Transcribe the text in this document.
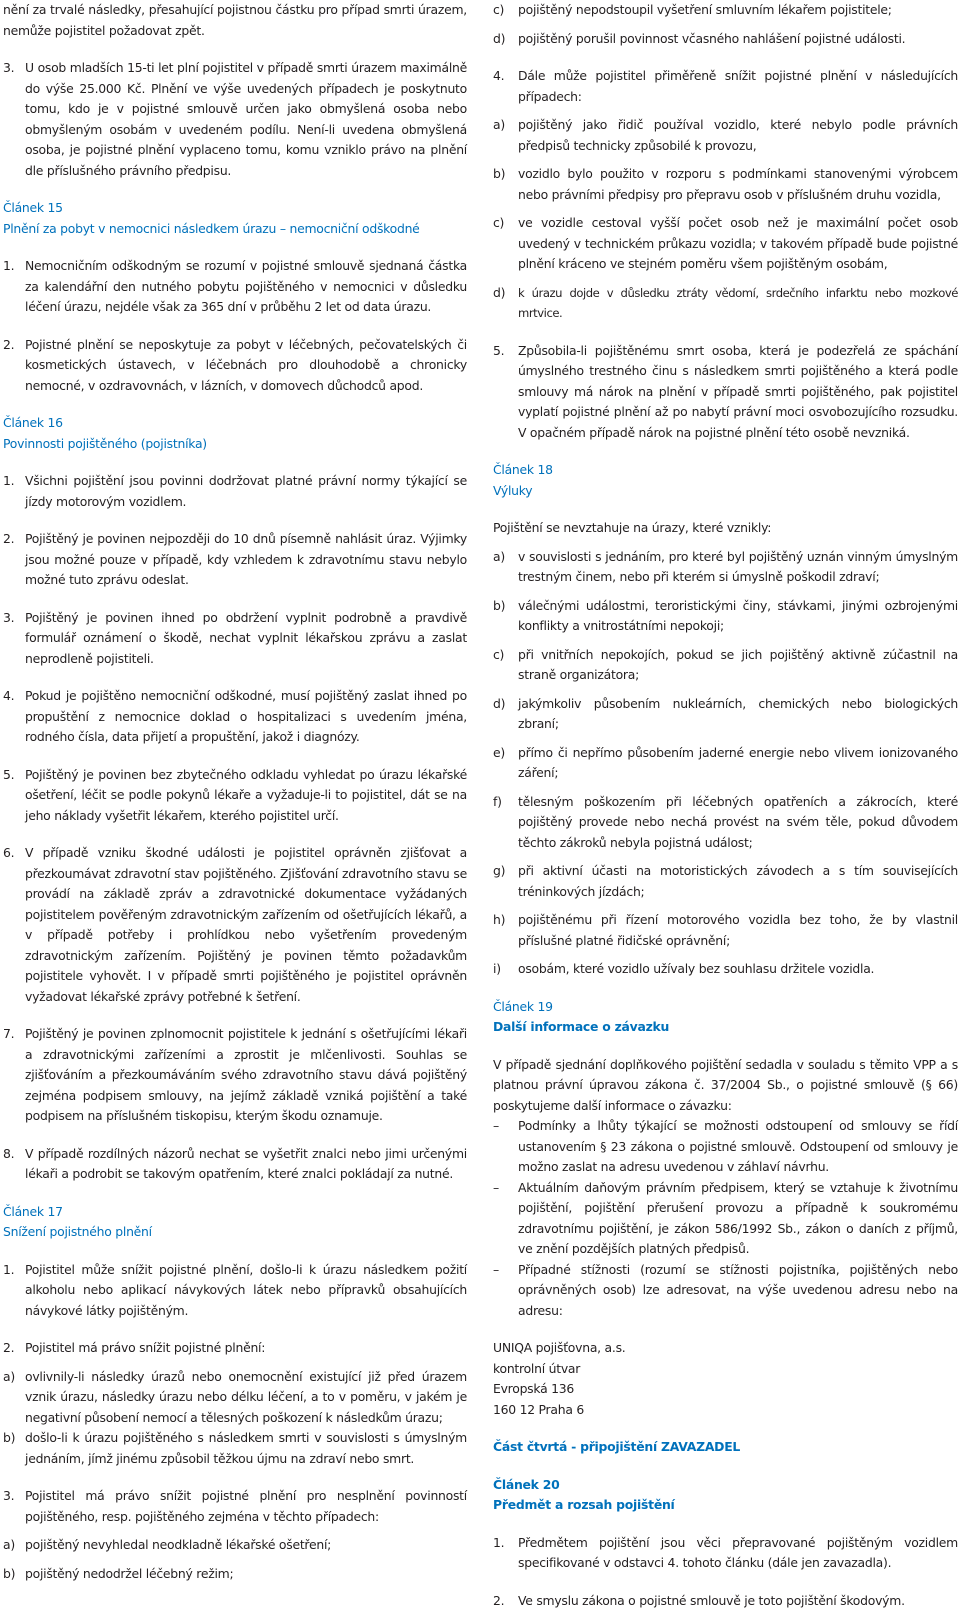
nění za trvalé následky, přesahující pojistnou částku pro případ smrti úrazem, nemůže pojistitel požadovat zpět.

3. U osob mladších 15-ti let plní pojistitel v případě smrti úrazem maximálně do výše 25.000 Kč. Plnění ve výše uvedených případech je poskytnuto tomu, kdo je v pojistné smlouvě určen jako obmyšlená osoba nebo obmyšleným osobám v uvedeném podílu. Není-li uvedena obmyšlená osoba, je pojistné plnění vyplaceno tomu, komu vzniklo právo na plnění dle příslušného právního předpisu.

Článek 15

Plnění za pobyt v nemocnici následkem úrazu – nemocniční odškodné

1. Nemocničním odškodným se rozumí v pojistné smlouvě sjednaná částka za kalendářní den nutného pobytu pojištěného v nemocnici v důsledku léčení úrazu, nejdéle však za 365 dní v průběhu 2 let od data úrazu.
2. Pojistné plnění se neposkytuje za pobyt v léčebných, pečovatelských či kosmetických ústavech, v léčebnách pro dlouhodobě a chronicky nemocné, v ozdravovnách, v lázních, v domovech důchodců apod.

Článek 16

Povinnosti pojištěného (pojistníka)

1. Všichni pojištění jsou povinni dodržovat platné právní normy týkající se jízdy motorovým vozidlem.
2. Pojištěný je povinen nejpozději do 10 dnů písemně nahlásit úraz. Výjimky jsou možné pouze v případě, kdy vzhledem k zdravotnímu stavu nebylo možné tuto zprávu odeslat.
3. Pojištěný je povinen ihned po obdržení vyplnit podrobně a pravdivě formulář oznámení o škodě, nechat vyplnit lékařskou zprávu a zaslat neprodleně pojistiteli.
4. Pokud je pojištěno nemocniční odškodné, musí pojištěný zaslat ihned po propuštění z nemocnice doklad o hospitalizaci s uvedením jména, rodného čísla, data přijetí a propuštění, jakož i diagnózy.
5. Pojištěný je povinen bez zbytečného odkladu vyhledat po úrazu lékařské ošetření, léčit se podle pokynů lékaře a vyžaduje-li to pojistitel, dát se na jeho náklady vyšetřit lékařem, kterého pojistitel určí.
6. V případě vzniku škodné události je pojistitel oprávněn zjišťovat a přezkoumávat zdravotní stav pojištěného. Zjišťování zdravotního stavu se provádí na základě zpráv a zdravotnické dokumentace vyžádaných pojistitelem pověřeným zdravotnickým zařízením od ošetřujících lékařů, a v případě potřeby i prohlídkou nebo vyšetřením provedeným zdravotnickým zařízením. Pojištěný je povinen těmto požadavkům pojistitele vyhovět. I v případě smrti pojištěného je pojistitel oprávněn vyžadovat lékařské zprávy potřebné k šetření.
7. Pojištěný je povinen zplnomocnit pojistitele k jednání s ošetřujícími lékaři a zdravotnickými zařízeními a zprostit je mlčenlivosti. Souhlas se zjišťováním a přezkoumáváním svého zdravotního stavu dává pojištěný zejména podpisem smlouvy, na jejímž základě vzniká pojištění a také podpisem na příslušném tiskopisu, kterým škodu oznamuje.
8. V případě rozdílných názorů nechat se vyšetřit znalci nebo jimi určenými lékaři a podrobit se takovým opatřením, které znalci pokládají za nutné.

Článek 17

Snížení pojistného plnění

1. Pojistitel může snížit pojistné plnění, došlo-li k úrazu následkem požití alkoholu nebo aplikací návykových látek nebo přípravků obsahujících návykové látky pojištěným.
2. Pojistitel má právo snížit pojistné plnění:
a) ovlivnily-li následky úrazů nebo onemocnění existující již před úrazem vznik úrazu, následky úrazu nebo délku léčení, a to v poměru, v jakém je negativní působení nemocí a tělesných poškození k následkům úrazu;
b) došlo-li k úrazu pojištěného s následkem smrti v souvislosti s úmyslným jednáním, jímž jinému způsobil těžkou újmu na zdraví nebo smrt.
3. Pojistitel má právo snížit pojistné plnění pro nesplnění povinností pojištěného, resp. pojištěného zejména v těchto případech:
a) pojištěný nevyhledal neodkladně lékařské ošetření;
b) pojištěný nedodržel léčebný režim;
c)	pojištěný nepodstoupil vyšetření smluvním lékařem pojistitele;
d)	pojištěný porušil povinnost včasného nahlášení pojistné události.
4.	Dále může pojistitel přiměřeně snížit pojistné plnění v následujících případech:
a)	pojištěný jako řidič používal vozidlo, které nebylo podle právních předpisů technicky způsobilé k provozu,
b)	vozidlo bylo použito v rozporu s podmínkami stanovenými výrobcem nebo právními předpisy pro přepravu osob v příslušném druhu vozidla,
c)	ve vozidle cestoval vyšší počet osob než je maximální počet osob uvedený v technickém průkazu vozidla; v takovém případě bude pojistné plnění kráceno ve stejném poměru všem pojištěným osobám,
d)	k úrazu dojde v důsledku ztráty vědomí, srdečního infarktu nebo mozkové mrtvice.
5.	Způsobila-li pojištěnému smrt osoba, která je podezřelá ze spáchání úmyslného trestného činu s následkem smrti pojištěného a která podle smlouvy má nárok na plnění v případě smrti pojištěného, pak pojistitel vyplatí pojistné plnění až po nabytí právní moci osvobozujícího rozsudku. V opačném případě nárok na pojistné plnění této osobě nevzniká.

Článek 18

Výluky

Pojištění se nevztahuje na úrazy, které vznikly:

a)	v souvislosti s jednáním, pro které byl pojištěný uznán vinným úmyslným trestným činem, nebo při kterém si úmyslně poškodil zdraví;
b)	válečnými událostmi, teroristickými činy, stávkami, jinými ozbrojenými konflikty a vnitrostátními nepokoji;
c)	při vnitřních nepokojích, pokud se jich pojištěný aktivně zúčastnil na straně organizátora;
d)	jakýmkoliv působením nukleárních, chemických nebo biologických zbraní;
e)	přímo či nepřímo působením jaderné energie nebo vlivem ionizovaného záření;
f)	tělesným poškozením při léčebných opatřeních a zákrocích, které pojištěný provede nebo nechá provést na svém těle, pokud důvodem těchto zákroků nebyla pojistná událost;
g)	při aktivní účasti na motoristických závodech a s tím souvisejících tréninkových jízdách;
h)	pojištěnému při řízení motorového vozidla bez toho, že by vlastnil příslušné platné řidičské oprávnění;
i)	osobám, které vozidlo užívaly bez souhlasu držitele vozidla.

Článek 19

Další informace o závazku

V případě sjednání doplňkového pojištění sedadla v souladu s těmito VPP a s platnou právní úpravou zákona č. 37/2004 Sb., o pojistné smlouvě (§ 66) poskytujeme další informace o závazku:

–	Podmínky a lhůty týkající se možnosti odstoupení od smlouvy se řídí ustanovením § 23 zákona o pojistné smlouvě. Odstoupení od smlouvy je možno zaslat na adresu uvedenou v záhlaví návrhu.
–	Aktuálním daňovým právním předpisem, který se vztahuje k životnímu pojištění, pojištění přerušení provozu a případně k soukromému zdravotnímu pojištění, je zákon 586/1992 Sb., zákon o daních z příjmů, ve znění pozdějších platných předpisů.
–	Případné stížnosti (rozumí se stížnosti pojistníka, pojištěných nebo oprávněných osob) lze adresovat, na výše uvedenou adresu nebo na adresu:

UNIQA pojišťovna, a.s.

kontrolní útvar

Evropská 136

160 12 Praha 6

Část čtvrtá - připojištění ZAVAZADEL

Článek 20

Předmět a rozsah pojištění

1.	Předmětem pojištění jsou věci přepravované pojištěným vozidlem specifikované v odstavci 4. tohoto článku (dále jen zavazadla).
2.	Ve smyslu zákona o pojistné smlouvě je toto pojištění škodovým.
